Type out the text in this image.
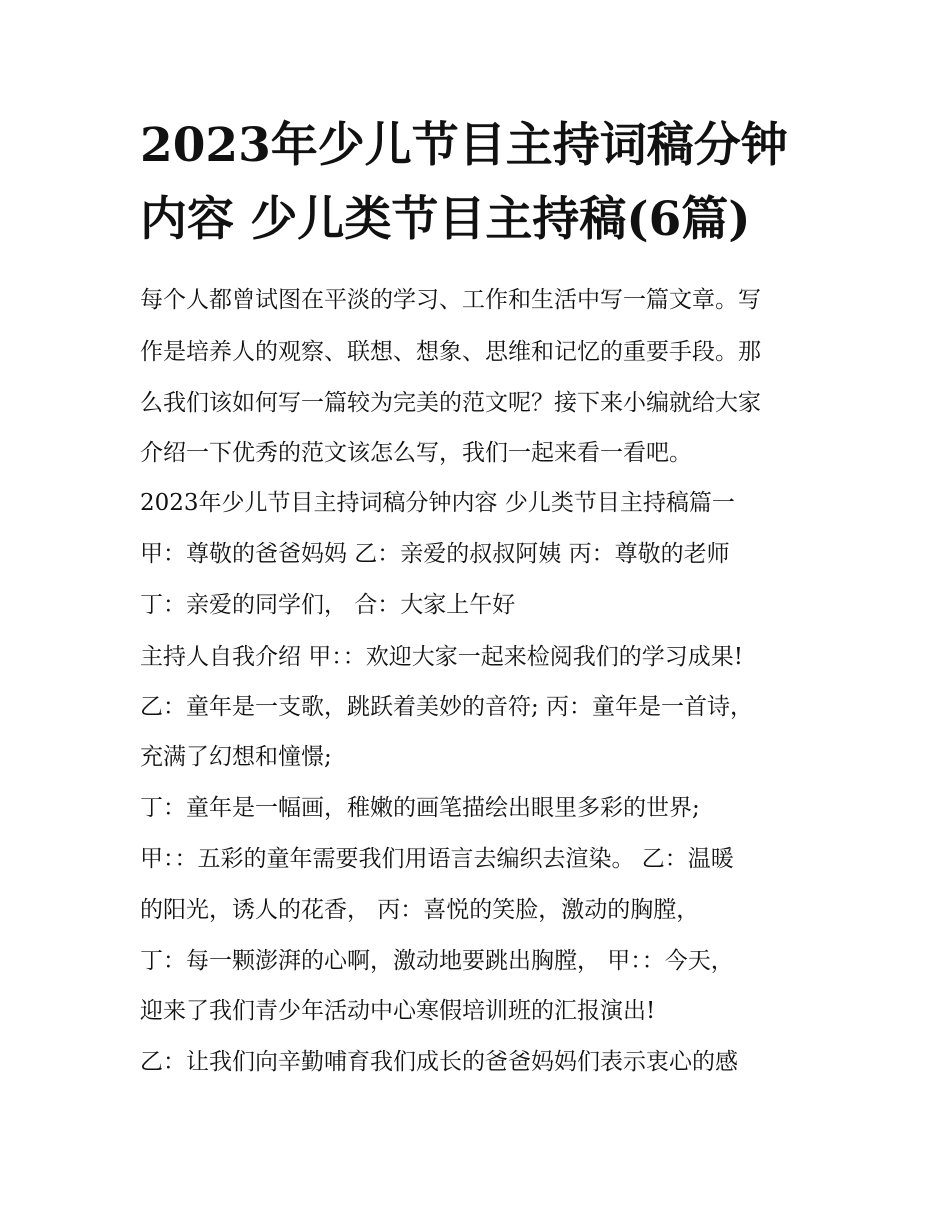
2023年少儿节目主持词稿分钟
内容 少儿类节目主持稿(6篇)
每个人都曾试图在平淡的学习、工作和生活中写一篇文章。写
作是培养人的观察、联想、想象、思维和记忆的重要手段。那
么我们该如何写一篇较为完美的范文呢？接下来小编就给大家
介绍一下优秀的范文该怎么写，我们一起来看一看吧。
2023年少儿节目主持词稿分钟内容 少儿类节目主持稿篇一
甲：尊敬的爸爸妈妈 乙：亲爱的叔叔阿姨 丙：尊敬的老师
丁：亲爱的同学们， 合：大家上午好
主持人自我介绍 甲：：欢迎大家一起来检阅我们的学习成果!
乙：童年是一支歌，跳跃着美妙的音符; 丙：童年是一首诗，
充满了幻想和憧憬;
丁：童年是一幅画，稚嫩的画笔描绘出眼里多彩的世界;
甲：：五彩的童年需要我们用语言去编织去渲染。 乙：温暖
的阳光，诱人的花香， 丙：喜悦的笑脸，激动的胸膛，
丁：每一颗澎湃的心啊，激动地要跳出胸膛， 甲：：今天，
迎来了我们青少年活动中心寒假培训班的汇报演出!
乙：让我们向辛勤哺育我们成长的爸爸妈妈们表示衷心的感
